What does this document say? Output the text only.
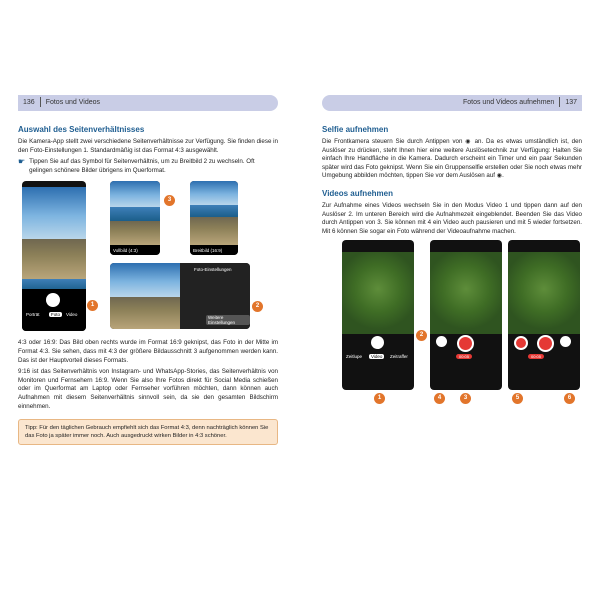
136 Fotos und Videos
Auswahl des Seitenverhältnisses

Die Kamera-App stellt zwei verschiedene Seitenverhältnisse zur Verfügung. Sie finden diese in den Foto-Einstellungen 1. Standardmäßig ist das Format 4:3 ausgewählt.

☛ Tippen Sie auf das Symbol für Seitenverhältnis, um zu Breitbild 2 zu wechseln. Oft gelingen schönere Bilder übrigens im Querformat.
Porträt	Foto	Video
1
Vollbild (4:3)
3
Breitbild (16:9)
Foto-Einstellungen
Weitere Einstellungen
2

4:3 oder 16:9: Das Bild oben rechts wurde im Format 16:9 geknipst, das Foto in der Mitte im Format 4:3. Sie sehen, dass mit 4:3 der größere Bildausschnitt 3 aufgenommen werden kann. Das ist der Hauptvorteil dieses Formats.

9:16 ist das Seitenverhältnis von Instagram- und WhatsApp-Stories, das Seitenverhältnis von Monitoren und Fernsehern 16:9. Wenn Sie also Ihre Fotos direkt für Social Media schießen oder im Querformat am Laptop oder Fernseher vorführen möchten, dann können auch Aufnahmen mit diesem Seitenverhältnis sinnvoll sein, da sie den gesamten Bildschirm einnehmen.

Tipp: Für den täglichen Gebrauch empfiehlt sich das Format 4:3, denn nachträglich können Sie das Foto ja später immer noch. Auch ausgedruckt wirken Bilder in 4:3 schöner.
Fotos und Videos aufnehmen 137
Selfie aufnehmen

Die Frontkamera steuern Sie durch Antippen von ◉ an. Da es etwas umständlich ist, den Auslöser zu drücken, steht Ihnen hier eine weitere Auslösetechnik zur Verfügung: Halten Sie einfach Ihre Handfläche in die Kamera. Dadurch erscheint ein Timer und ein paar Sekunden später wird das Foto geknipst. Wenn Sie ein Gruppenselfie erstellen oder Sie noch etwas mehr Umgebung abbilden möchten, tippen Sie vor dem Auslösen auf ◉.

Videos aufnehmen

Zur Aufnahme eines Videos wechseln Sie in den Modus Video 1 und tippen dann auf den Auslöser 2. Im unteren Bereich wird die Aufnahmezeit eingeblendet. Beenden Sie das Video durch Antippen von 3. Sie können mit 4 ein Video auch pausieren und mit 5 wieder fortsetzen. Mit 6 können Sie sogar ein Foto während der Videoaufnahme machen.

Zeitlupe	Video	Zeitraffer
1
2
00:05
4	3
00:05
5	6
